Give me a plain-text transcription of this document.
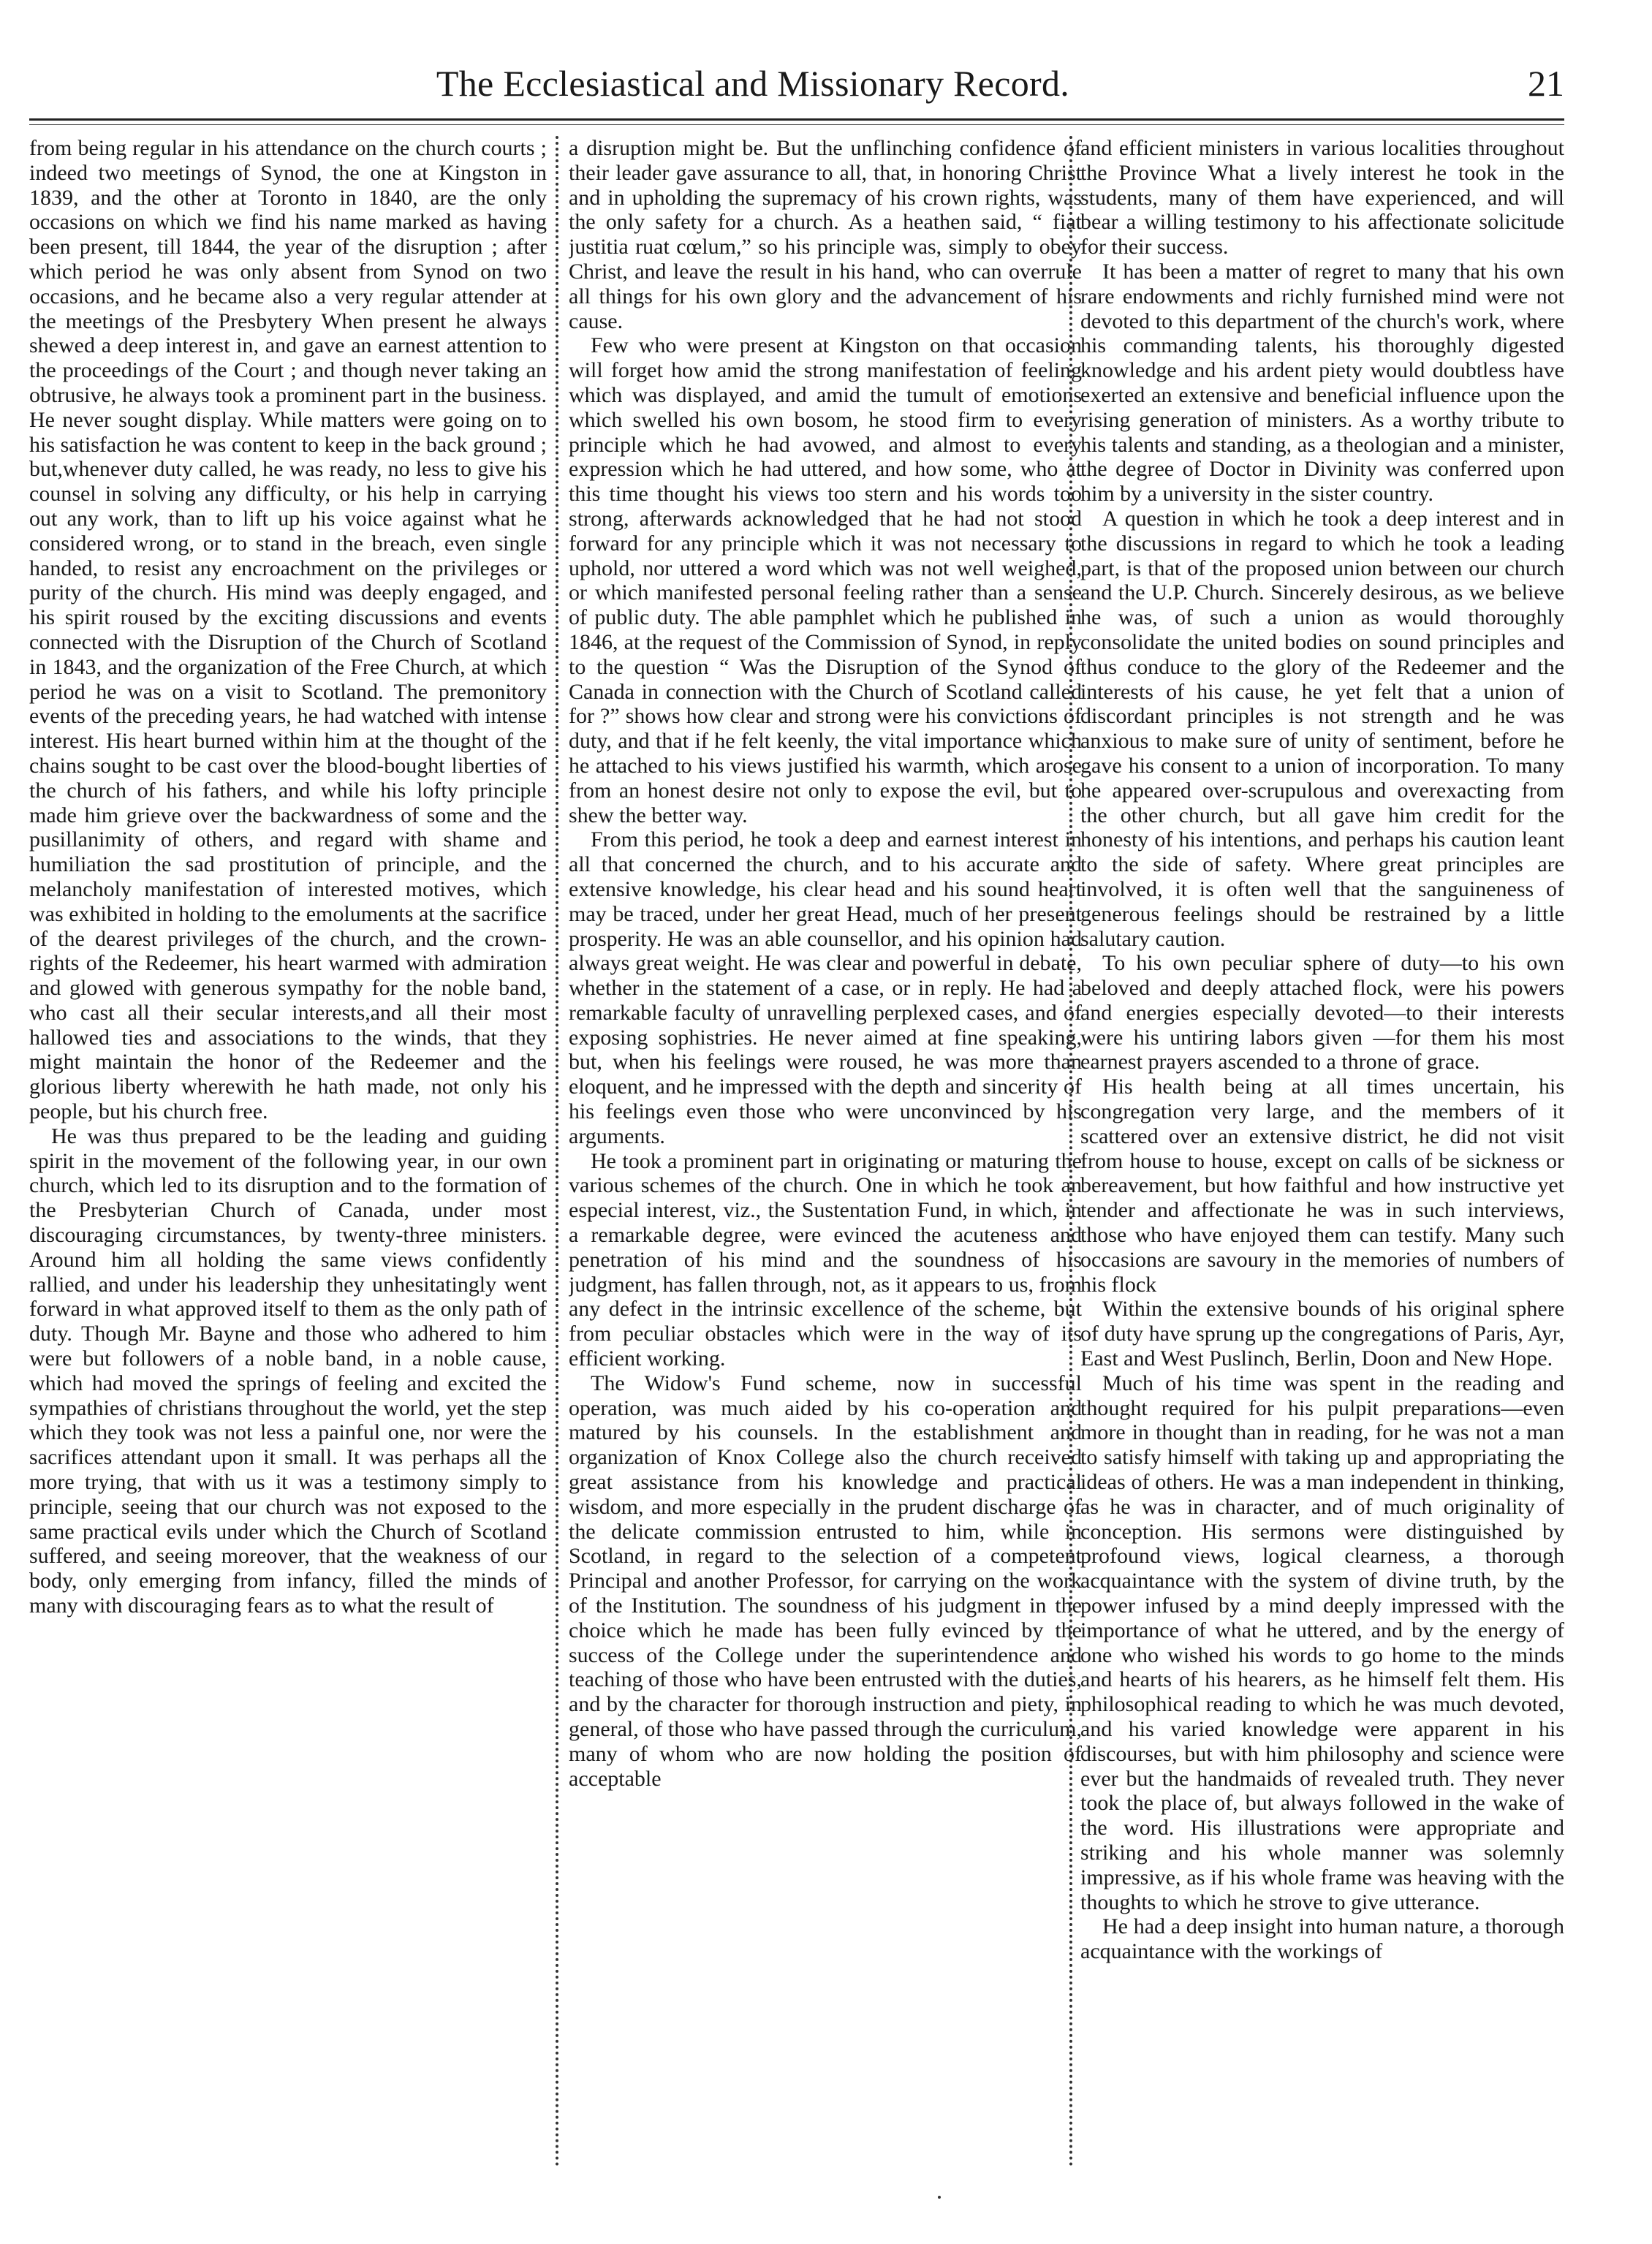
The Ecclesiastical and Missionary Record.	21

from being regular in his attendance on the church courts ; indeed two meetings of Synod, the one at Kingston in 1839, and the other at Toronto in 1840, are the only occasions on which we find his name marked as having been present, till 1844, the year of the disruption ; after which period he was only absent from Synod on two occasions, and he became also a very regular attender at the meetings of the Presbytery When present he always shewed a deep interest in, and gave an earnest attention to the proceedings of the Court ; and though never taking an obtrusive, he always took a prominent part in the business. He never sought display. While matters were going on to his satisfaction he was content to keep in the back ground ; but,whenever duty called, he was ready, no less to give his counsel in solving any difficulty, or his help in carrying out any work, than to lift up his voice against what he considered wrong, or to stand in the breach, even single handed, to resist any encroachment on the privileges or purity of the church. His mind was deeply engaged, and his spirit roused by the exciting discussions and events connected with the Disruption of the Church of Scotland in 1843, and the organization of the Free Church, at which period he was on a visit to Scotland. The premonitory events of the preceding years, he had watched with intense interest. His heart burned within him at the thought of the chains sought to be cast over the blood-bought liberties of the church of his fathers, and while his lofty principle made him grieve over the backwardness of some and the pusillanimity of others, and regard with shame and humiliation the sad prostitution of principle, and the melancholy manifestation of interested motives, which was exhibited in holding to the emoluments at the sacrifice of the dearest privileges of the church, and the crown-rights of the Redeemer, his heart warmed with admiration and glowed with generous sympathy for the noble band, who cast all their secular interests,and all their most hallowed ties and associations to the winds, that they might maintain the honor of the Redeemer and the glorious liberty wherewith he hath made, not only his people, but his church free.

He was thus prepared to be the leading and guiding spirit in the movement of the following year, in our own church, which led to its disruption and to the formation of the Presbyterian Church of Canada, under most discouraging circumstances, by twenty-three ministers. Around him all holding the same views confidently rallied, and under his leadership they unhesitatingly went forward in what approved itself to them as the only path of duty. Though Mr. Bayne and those who adhered to him were but followers of a noble band, in a noble cause, which had moved the springs of feeling and excited the sympathies of christians throughout the world, yet the step which they took was not less a painful one, nor were the sacrifices attendant upon it small. It was perhaps all the more trying, that with us it was a testimony simply to principle, seeing that our church was not exposed to the same practical evils under which the Church of Scotland suffered, and seeing moreover, that the weakness of our body, only emerging from infancy, filled the minds of many with discouraging fears as to what the result of

a disruption might be. But the unflinching confidence of their leader gave assurance to all, that, in honoring Christ and in upholding the supremacy of his crown rights, was the only safety for a church. As a heathen said, “ fiat justitia ruat cœlum,” so his principle was, simply to obey Christ, and leave the result in his hand, who can overrule all things for his own glory and the advancement of his cause.

Few who were present at Kingston on that occasion will forget how amid the strong manifestation of feeling which was displayed, and amid the tumult of emotions which swelled his own bosom, he stood firm to every principle which he had avowed, and almost to every expression which he had uttered, and how some, who at this time thought his views too stern and his words too strong, afterwards acknowledged that he had not stood forward for any principle which it was not necessary to uphold, nor uttered a word which was not well weighed, or which manifested personal feeling rather than a sense of public duty. The able pamphlet which he published in 1846, at the request of the Commission of Synod, in reply to the question “ Was the Disruption of the Synod of Canada in connection with the Church of Scotland called for ?” shows how clear and strong were his convictions of duty, and that if he felt keenly, the vital importance which he attached to his views justified his warmth, which arose from an honest desire not only to expose the evil, but to shew the better way.

From this period, he took a deep and earnest interest in all that concerned the church, and to his accurate and extensive knowledge, his clear head and his sound heart may be traced, under her great Head, much of her present prosperity. He was an able counsellor, and his opinion had always great weight. He was clear and powerful in debate, whether in the statement of a case, or in reply. He had a remarkable faculty of unravelling perplexed cases, and of exposing sophistries. He never aimed at fine speaking, but, when his feelings were roused, he was more than eloquent, and he impressed with the depth and sincerity of his feelings even those who were unconvinced by his arguments.

He took a prominent part in originating or maturing the various schemes of the church. One in which he took an especial interest, viz., the Sustentation Fund, in which, in a remarkable degree, were evinced the acuteness and penetration of his mind and the soundness of his judgment, has fallen through, not, as it appears to us, from any defect in the intrinsic excellence of the scheme, but from peculiar obstacles which were in the way of its efficient working.

The Widow's Fund scheme, now in successful operation, was much aided by his co-operation and matured by his counsels. In the establishment and organization of Knox College also the church received great assistance from his knowledge and practical wisdom, and more especially in the prudent discharge of the delicate commission entrusted to him, while in Scotland, in regard to the selection of a competent Principal and another Professor, for carrying on the work of the Institution. The soundness of his judgment in the choice which he made has been fully evinced by the success of the College under the superintendence and teaching of those who have been entrusted with the duties, and by the character for thorough instruction and piety, in general, of those who have passed through the curriculum, many of whom who are now holding the position of acceptable

and efficient ministers in various localities throughout the Province What a lively interest he took in the students, many of them have experienced, and will bear a willing testimony to his affectionate solicitude for their success.

It has been a matter of regret to many that his own rare endowments and richly furnished mind were not devoted to this department of the church's work, where his commanding talents, his thoroughly digested knowledge and his ardent piety would doubtless have exerted an extensive and beneficial influence upon the rising generation of ministers. As a worthy tribute to his talents and standing, as a theologian and a minister, the degree of Doctor in Divinity was conferred upon him by a university in the sister country.

A question in which he took a deep interest and in the discussions in regard to which he took a leading part, is that of the proposed union between our church and the U.P. Church. Sincerely desirous, as we believe he was, of such a union as would thoroughly consolidate the united bodies on sound principles and thus conduce to the glory of the Redeemer and the interests of his cause, he yet felt that a union of discordant principles is not strength and he was anxious to make sure of unity of sentiment, before he gave his consent to a union of incorporation. To many he appeared over-scrupulous and overexacting from the other church, but all gave him credit for the honesty of his intentions, and perhaps his caution leant to the side of safety. Where great principles are involved, it is often well that the sanguineness of generous feelings should be restrained by a little salutary caution.

To his own peculiar sphere of duty—to his own beloved and deeply attached flock, were his powers and energies especially devoted—to their interests were his untiring labors given —for them his most earnest prayers ascended to a throne of grace.

His health being at all times uncertain, his congregation very large, and the members of it scattered over an extensive district, he did not visit from house to house, except on calls of be sickness or bereavement, but how faithful and how instructive yet tender and affectionate he was in such interviews, those who have enjoyed them can testify. Many such occasions are savoury in the memories of numbers of his flock

Within the extensive bounds of his original sphere of duty have sprung up the congregations of Paris, Ayr, East and West Puslinch, Berlin, Doon and New Hope.

Much of his time was spent in the reading and thought required for his pulpit preparations—even more in thought than in reading, for he was not a man to satisfy himself with taking up and appropriating the ideas of others. He was a man independent in thinking, as he was in character, and of much originality of conception. His sermons were distinguished by profound views, logical clearness, a thorough acquaintance with the system of divine truth, by the power infused by a mind deeply impressed with the importance of what he uttered, and by the energy of one who wished his words to go home to the minds and hearts of his hearers, as he himself felt them. His philosophical reading to which he was much devoted, and his varied knowledge were apparent in his discourses, but with him philosophy and science were ever but the handmaids of revealed truth. They never took the place of, but always followed in the wake of the word. His illustrations were appropriate and striking and his whole manner was solemnly impressive, as if his whole frame was heaving with the thoughts to which he strove to give utterance.

He had a deep insight into human nature, a thorough acquaintance with the workings of
